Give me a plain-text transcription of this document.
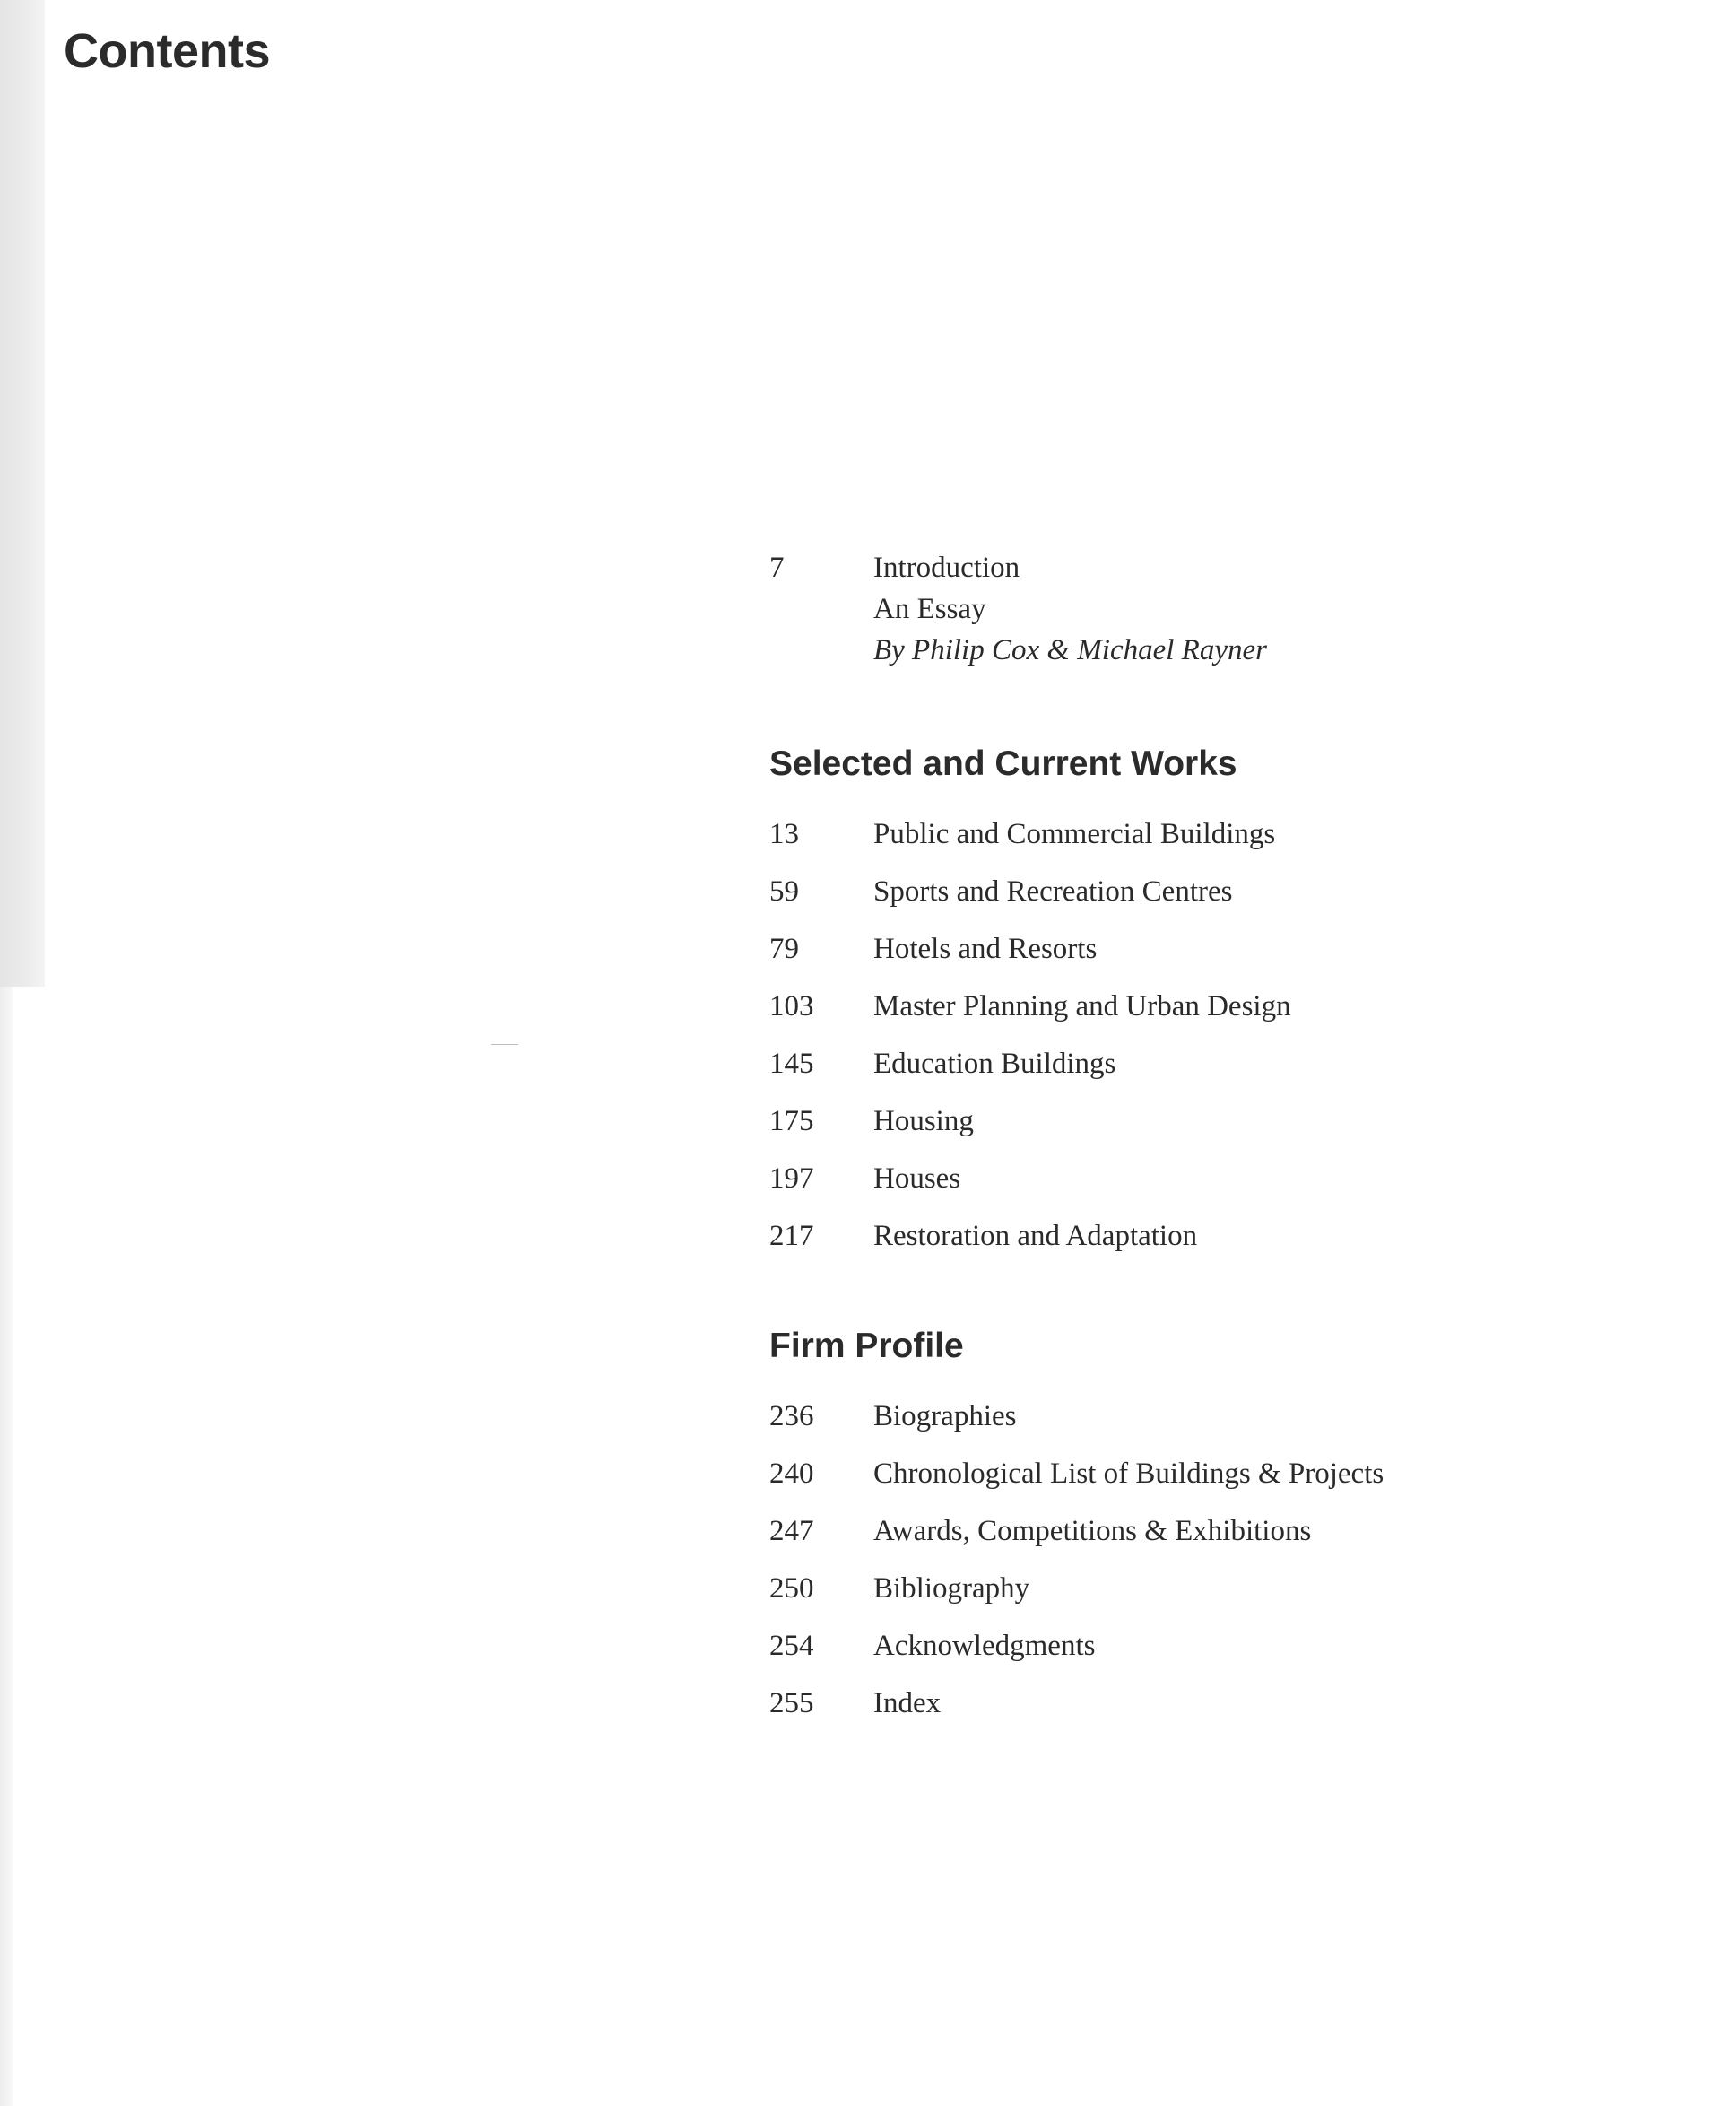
Contents
7	Introduction
An Essay
By Philip Cox & Michael Rayner
Selected and Current Works
13	Public and Commercial Buildings
59	Sports and Recreation Centres
79	Hotels and Resorts
103 Master Planning and Urban Design
145 Education Buildings
175 Housing
197 Houses
217 Restoration and Adaptation
Firm Profile
236 Biographies
240 Chronological List of Buildings & Projects
247 Awards, Competitions & Exhibitions
250 Bibliography
254 Acknowledgments
255 Index
